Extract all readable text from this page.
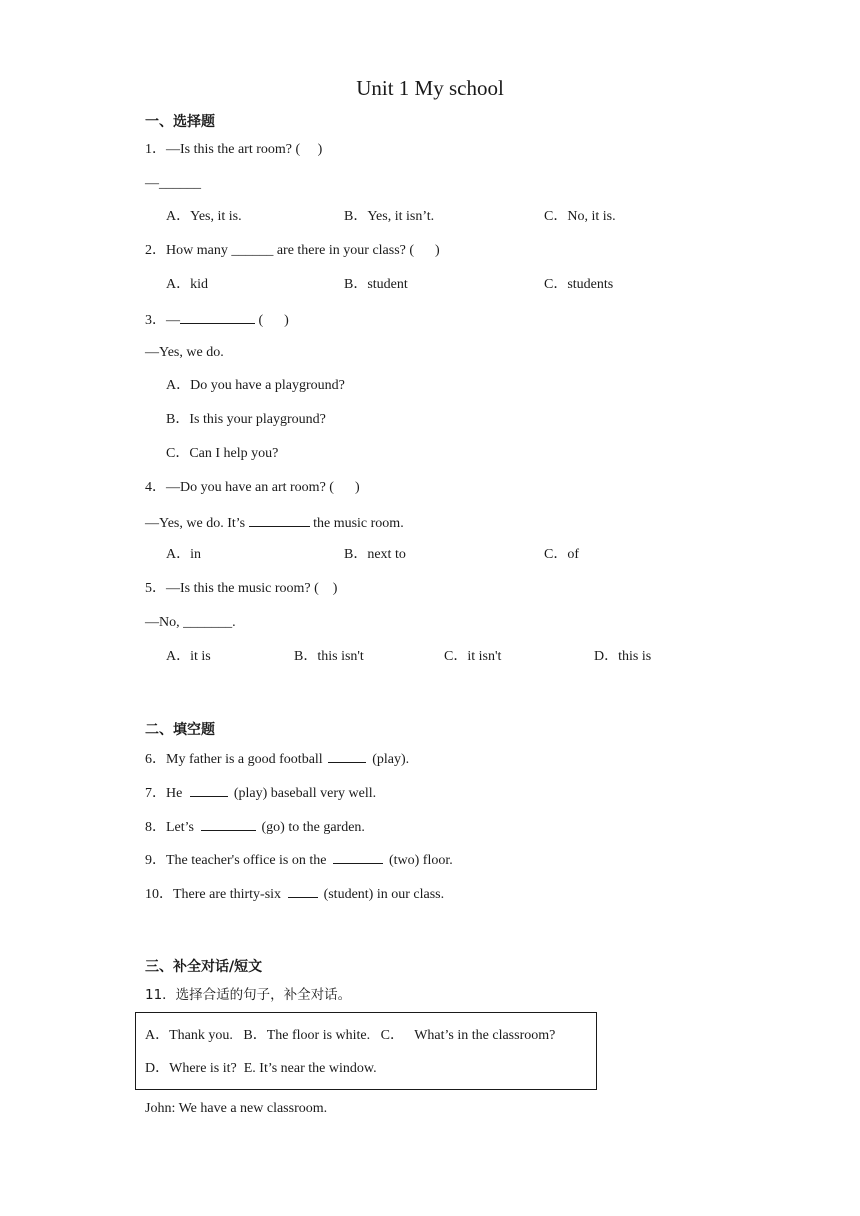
Unit 1 My school
一、选择题
1．—Is this the art room? (     )
—______
A．Yes, it is.	B．Yes, it isn’t.	C．No, it is.
2．How many ______ are there in your class? (      )
A．kid	B．student	C．students
3．—	(      )
—Yes, we do.
A．Do you have a playground?
B．Is this your playground?
C．Can I help you?
4．—Do you have an art room? (      )
—Yes, we do. It’s	the music room.
A．in	B．next to	C．of
5．—Is this the music room? (    )
—No, _______.
A．it is	B．this isn't	C．it isn't	D．this is
二、填空题
6．My father is a good football	(play).
7．He	(play) baseball very well.
8．Let’s	(go) to the garden.
9．The teacher's office is on the	(two) floor.
10．There are thirty-six	(student) in our class.
三、补全对话/短文
11．选择合适的句子，补全对话。
A．Thank you.   B．The floor is white.   C．   What’s in the classroom?
D．Where is it?  E. It’s near the window.
John: We have a new classroom.
